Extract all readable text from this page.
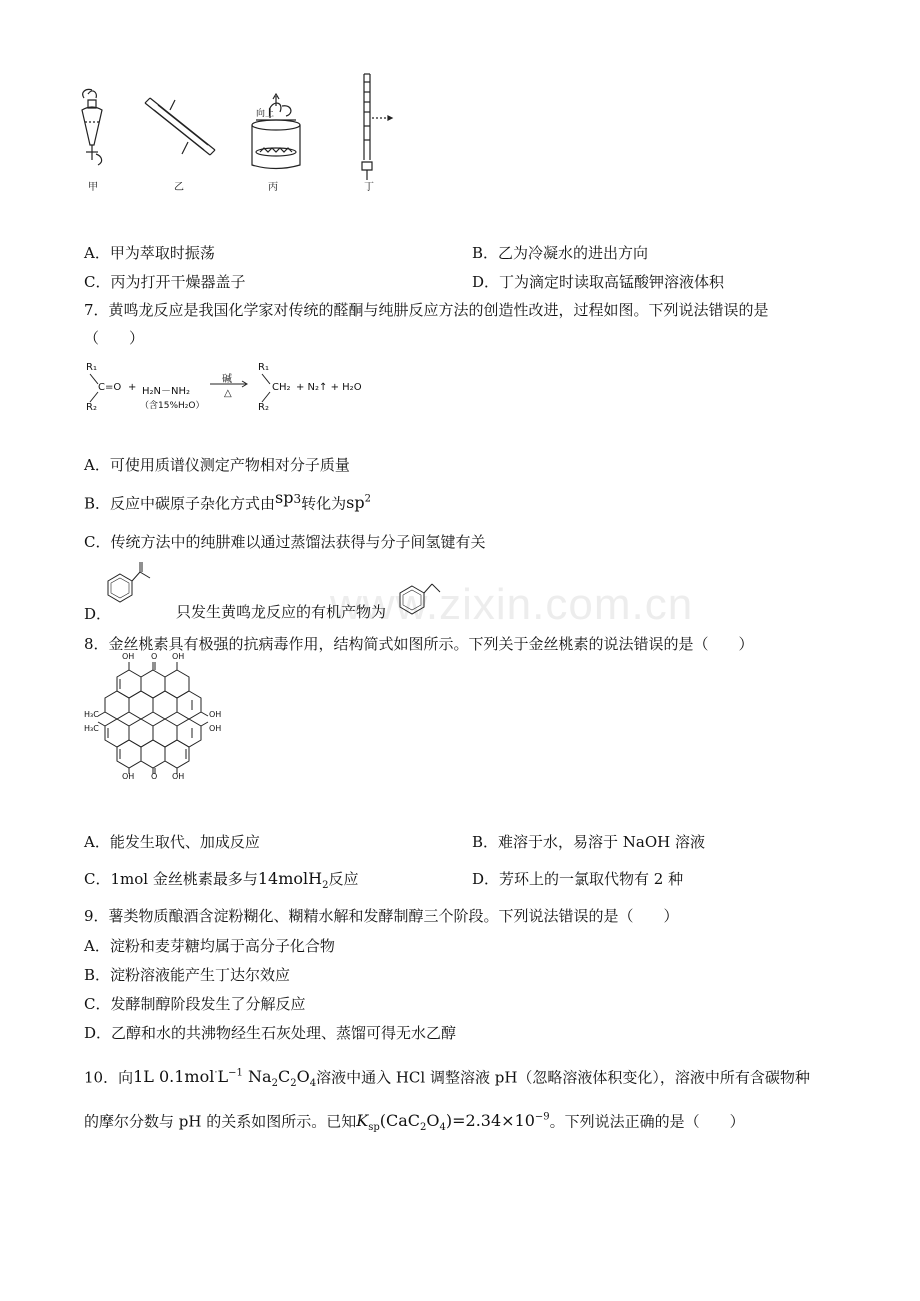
www.zixin.com.cn
甲	乙	丙	丁
向上
A．甲为萃取时振荡	B．乙为冷凝水的进出方向
C．丙为打开干燥器盖子	D．丁为滴定时读取高锰酸钾溶液体积
7．黄鸣龙反应是我国化学家对传统的醛酮与纯肼反应方法的创造性改进，过程如图。下列说法错误的是
（　　）
R₁
R₂
C=O + H₂N－NH₂
（含15%H₂O）
碱
△
R₁
R₂
CH₂ + N₂↑ + H₂O
A．可使用质谱仪测定产物相对分子质量
B．反应中碳原子杂化方式由sp3转化为$sp^2$
C．传统方法中的纯肼难以通过蒸馏法获得与分子间氢键有关
D．	只发生黄鸣龙反应的有机产物为
8．金丝桃素具有极强的抗病毒作用，结构简式如图所示。下列关于金丝桃素的说法错误的是（　　）
OH O OH
OH
OH
H₃C
H₃C
OH O OH
A．能发生取代、加成反应	B．难溶于水，易溶于 NaOH 溶液
C．1mol 金丝桃素最多与14molH$_2$反应	D．芳环上的一氯取代物有 2 种
9．薯类物质酿酒含淀粉糊化、糊精水解和发酵制醇三个阶段。下列说法错误的是（　　）
A．淀粉和麦芽糖均属于高分子化合物
B．淀粉溶液能产生丁达尔效应
C．发酵制醇阶段发生了分解反应
D．乙醇和水的共沸物经生石灰处理、蒸馏可得无水乙醇
10．向1L $0.1mol^\cdot L^{-1}$ $Na_2C_2O_4$溶液中通入 HCl 调整溶液 pH（忽略溶液体积变化），溶液中所有含碳物种
的摩尔分数与 pH 的关系如图所示。已知$K_{sp}(CaC_2O_4)=2.34\times 10^{-9}$。下列说法正确的是（　　）
